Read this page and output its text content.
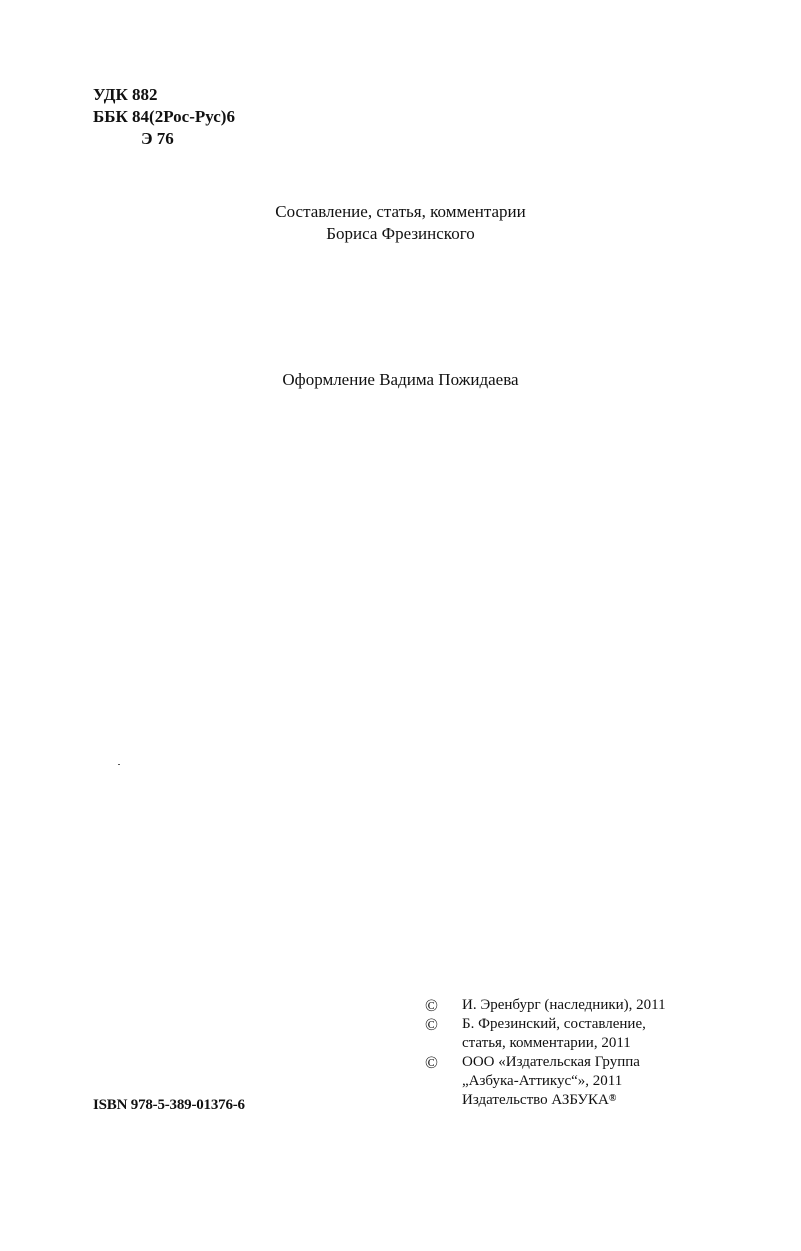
УДК 882
ББК 84(2Рос-Рус)6
Э 76
Составление, статья, комментарии
Бориса Фрезинского
Оформление Вадима Пожидаева
ISBN 978-5-389-01376-6
© И. Эренбург (наследники), 2011
© Б. Фрезинский, составление,
статья, комментарии, 2011
© ООО «Издательская Группа
„Азбука-Аттикус“», 2011
Издательство АЗБУКА®
